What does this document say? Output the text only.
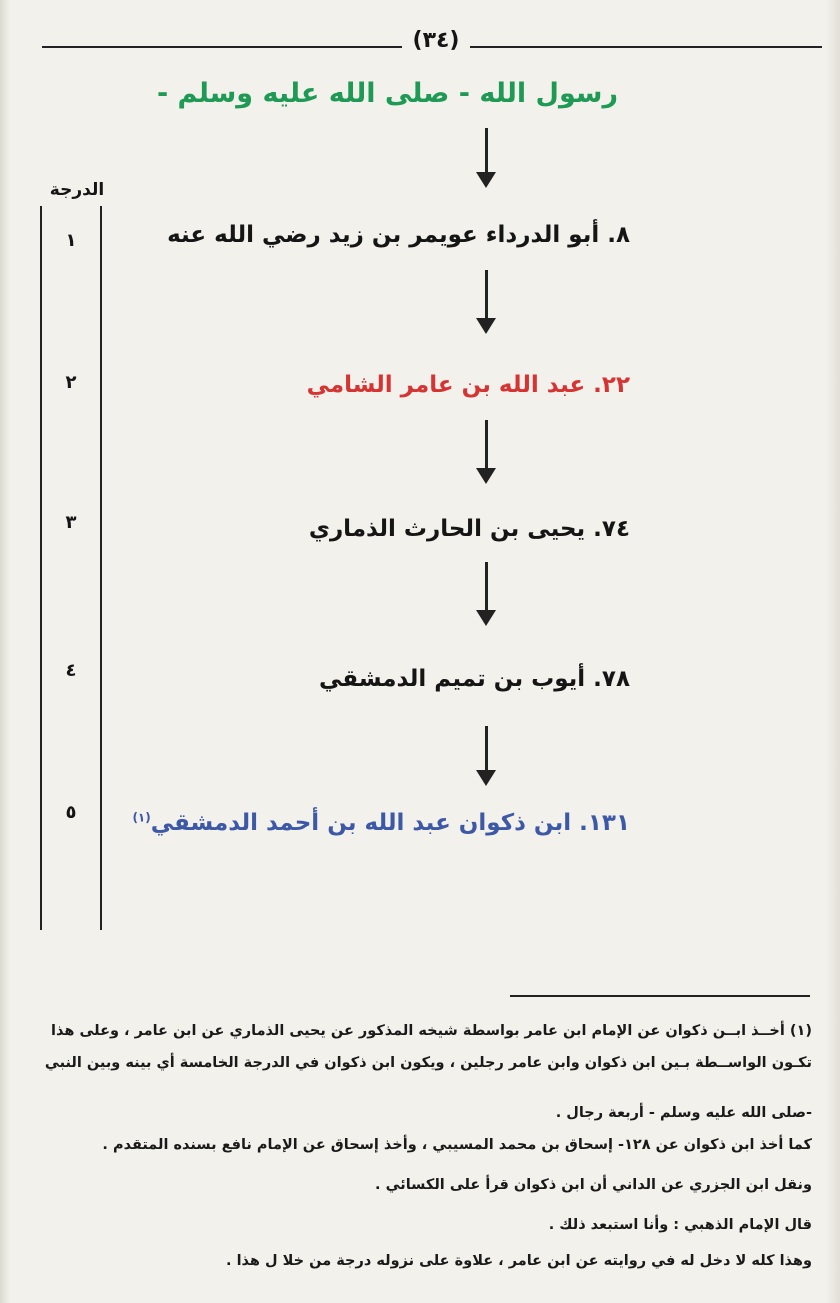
(٣٤)
رسول الله - صلى الله عليه وسلم -
٨. أبو الدرداء عويمر بن زيد رضي الله عنه
٢٢. عبد الله بن عامر الشامي
٧٤. يحيى بن الحارث الذماري
٧٨. أيوب بن تميم الدمشقي
١٣١. ابن ذكوان عبد الله بن أحمد الدمشقي$^{(١)}$
الدرجة
١
٢
٣
٤
٥
(١) أخــذ ابــن ذكوان عن الإمام ابن عامر بواسطة شيخه المذكور عن يحيى الذماري عن ابن عامر ، وعلى هذا
تكـون الواســطة بـين ابن ذكوان وابن عامر رجلين ، ويكون ابن ذكوان في الدرجة الخامسة أي بينه وبين النبي
-صلى الله عليه وسلم - أربعة رجال .
كما أخذ ابن ذكوان عن ١٢٨- إسحاق بن محمد المسيبي ، وأخذ إسحاق عن الإمام نافع بسنده المتقدم .
ونقل ابن الجزري عن الداني أن ابن ذكوان قرأ على الكسائي .
قال الإمام الذهبي : وأنا استبعد ذلك .
وهذا كله لا دخل له في روايته عن ابن عامر ، علاوة على نزوله درجة من خلا ل هذا .
